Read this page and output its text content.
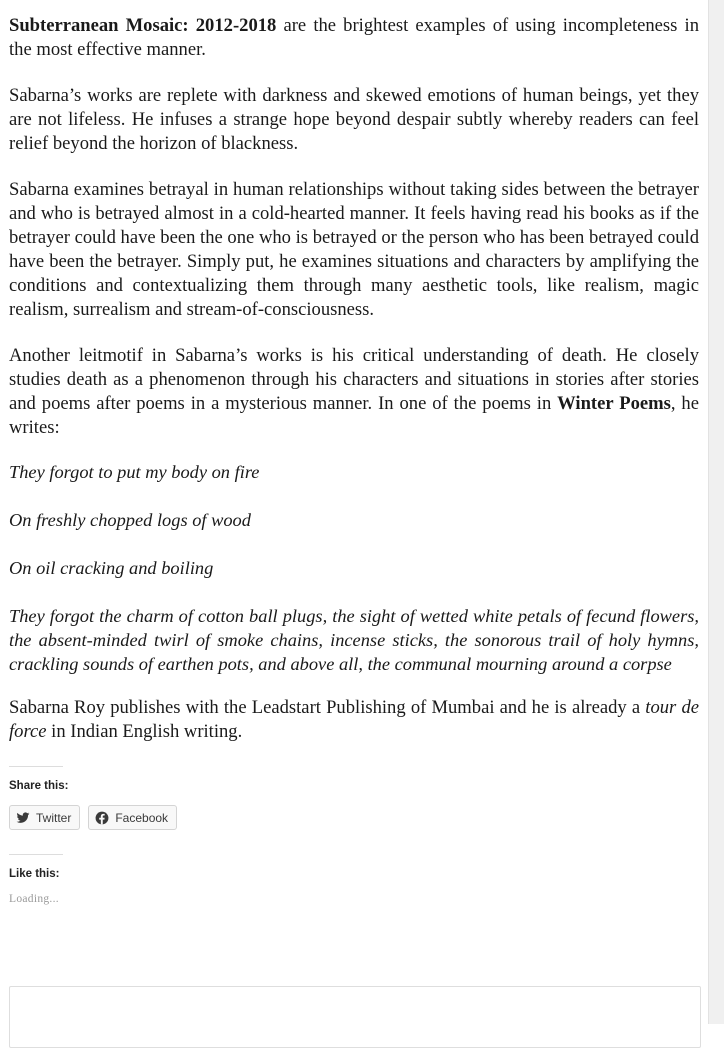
Subterranean Mosaic: 2012-2018 are the brightest examples of using incompleteness in the most effective manner.

Sabarna’s works are replete with darkness and skewed emotions of human beings, yet they are not lifeless. He infuses a strange hope beyond despair subtly whereby readers can feel relief beyond the horizon of blackness.

Sabarna examines betrayal in human relationships without taking sides between the betrayer and who is betrayed almost in a cold-hearted manner. It feels having read his books as if the betrayer could have been the one who is betrayed or the person who has been betrayed could have been the betrayer. Simply put, he examines situations and characters by amplifying the conditions and contextualizing them through many aesthetic tools, like realism, magic realism, surrealism and stream-of-consciousness.

Another leitmotif in Sabarna’s works is his critical understanding of death. He closely studies death as a phenomenon through his characters and situations in stories after stories and poems after poems in a mysterious manner. In one of the poems in Winter Poems, he writes:

They forgot to put my body on fire

On freshly chopped logs of wood

On oil cracking and boiling

They forgot the charm of cotton ball plugs, the sight of wetted white petals of fecund flowers, the absent-minded twirl of smoke chains, incense sticks, the sonorous trail of holy hymns, crackling sounds of earthen pots, and above all, the communal mourning around a corpse

Sabarna Roy publishes with the Leadstart Publishing of Mumbai and he is already a tour de force in Indian English writing.

Share this:
Twitter	Facebook
Like this:
Loading...
